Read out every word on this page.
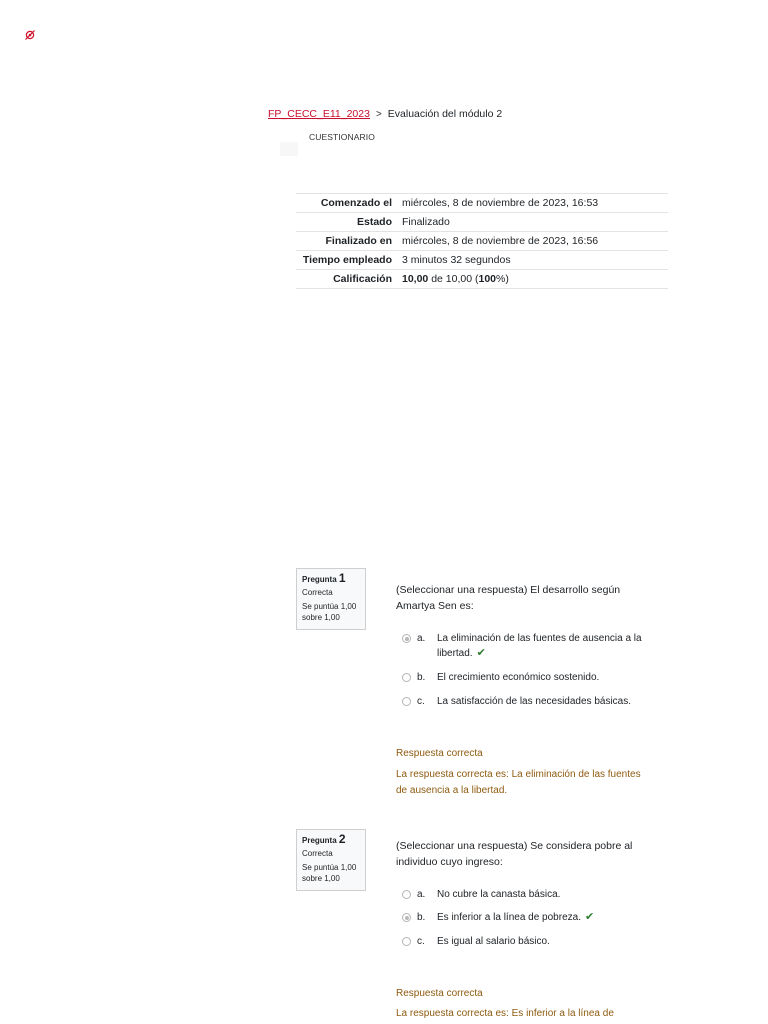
FP_CECC_E11_2023 > Evaluación del módulo 2
CUESTIONARIO
Comenzado el	miércoles, 8 de noviembre de 2023, 16:53
Estado	Finalizado
Finalizado en	miércoles, 8 de noviembre de 2023, 16:56
Tiempo empleado	3 minutos 32 segundos
Calificación	10,00 de 10,00 (100%)
Pregunta 1
Correcta
Se puntúa 1,00 sobre 1,00
(Seleccionar una respuesta) El desarrollo según Amartya Sen es:
a.	La eliminación de las fuentes de ausencia a la libertad. ✔
b.	El crecimiento económico sostenido.
c.	La satisfacción de las necesidades básicas.
Respuesta correcta
La respuesta correcta es: La eliminación de las fuentes de ausencia a la libertad.
Pregunta 2
Correcta
Se puntúa 1,00 sobre 1,00
(Seleccionar una respuesta) Se considera pobre al individuo cuyo ingreso:
a.	No cubre la canasta básica.
b.	Es inferior a la línea de pobreza. ✔
c.	Es igual al salario básico.
Respuesta correcta
La respuesta correcta es: Es inferior a la línea de
